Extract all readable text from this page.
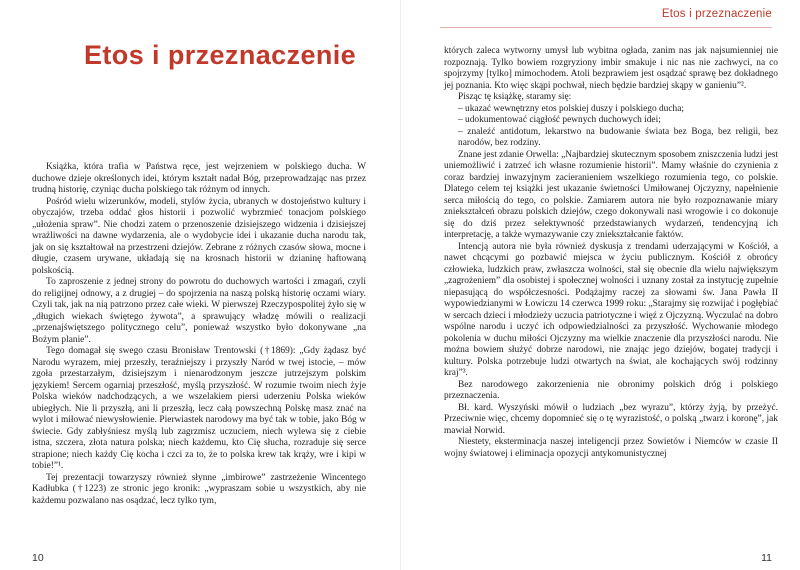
Etos i przeznaczenie

Książka, która trafia w Państwa ręce, jest wejrzeniem w polskiego ducha. W duchowe dzieje określonych idei, którym kształt nadał Bóg, przeprowadzając nas przez trudną historię, czyniąc ducha polskiego tak różnym od innych.

Pośród wielu wizerunków, modeli, stylów życia, ubranych w dostojeństwo kultury i obyczajów, trzeba oddać głos historii i pozwolić wybrzmieć tonacjom polskiego „ułożenia spraw”. Nie chodzi zatem o przenoszenie dzisiejszego widzenia i dzisiejszej wrażliwości na dawne wydarzenia, ale o wydobycie idei i ukazanie ducha narodu tak, jak on się kształtował na przestrzeni dziejów. Zebrane z różnych czasów słowa, mocne i długie, czasem urywane, układają się na krosnach historii w dzianinę haftowaną polskością.

To zaproszenie z jednej strony do powrotu do duchowych wartości i zmagań, czyli do religijnej odnowy, a z drugiej – do spojrzenia na naszą polską historię oczami wiary. Czyli tak, jak na nią patrzono przez całe wieki. W pierwszej Rzeczypospolitej żyło się w „długich wiekach świętego żywota”, a sprawujący władzę mówili o realizacji „przenajświętszego politycznego celu”, ponieważ wszystko było dokonywane „na Bożym planie”.

Tego domagał się swego czasu Bronisław Trentowski (†1869): „Gdy żądasz być Narodu wyrazem, miej przeszły, teraźniejszy i przyszły Naród w twej istocie, – mów zgoła przestarzałym, dzisiejszym i nienarodzonym jeszcze jutrzejszym polskim językiem! Sercem ogarniaj przeszłość, myślą przyszłość. W rozumie twoim niech żyje Polska wieków nadchodzących, a we wszelakiem piersi uderzeniu Polska wieków ubiegłych. Nie li przyszłą, ani li przeszłą, lecz całą powszechną Polskę masz znać na wylot i miłować niewysłowienie. Pierwiastek narodowy ma być tak w tobie, jako Bóg w świecie. Gdy zabłyśniesz myślą lub zagrzmisz uczuciem, niech wylewa się z ciebie istna, szczera, złota natura polska; niech każdemu, kto Cię słucha, rozraduje się serce strapione; niech każdy Cię kocha i czci za to, że to polska krew tak krąży, wre i kipi w tobie!”¹.

Tej prezentacji towarzyszy również słynne „imbirowe” zastrzeżenie Wincentego Kadłubka (†1223) ze stronic jego kronik: „wypraszam sobie u wszystkich, aby nie każdemu pozwalano nas osądzać, lecz tylko tym,

10
Etos i przeznaczenie

których zaleca wytworny umysł lub wybitna ogłada, zanim nas jak najsumienniej nie rozpoznają. Tylko bowiem rozgryziony imbir smakuje i nic nas nie zachwyci, na co spojrzymy [tylko] mimochodem. Atoli bezprawiem jest osądzać sprawę bez dokładnego jej poznania. Kto więc skąpi pochwał, niech będzie bardziej skąpy w ganieniu”².

Pisząc tę książkę, staramy się:

– ukazać wewnętrzny etos polskiej duszy i polskiego ducha;

– udokumentować ciągłość pewnych duchowych idei;

– znaleźć antidotum, lekarstwo na budowanie świata bez Boga, bez religii, bez narodów, bez rodziny.

Znane jest zdanie Orwella: „Najbardziej skutecznym sposobem zniszczenia ludzi jest uniemożliwić i zatrzeć ich własne rozumienie historii”. Mamy właśnie do czynienia z coraz bardziej inwazyjnym zacieranieniem wszelkiego rozumienia tego, co polskie. Dlatego celem tej książki jest ukazanie świetności Umiłowanej Ojczyzny, napełnienie serca miłością do tego, co polskie. Zamiarem autora nie było rozpoznawanie miary zniekształceń obrazu polskich dziejów, czego dokonywali nasi wrogowie i co dokonuje się do dziś przez selektywność przedstawianych wydarzeń, tendencyjną ich interpretację, a także wymazywanie czy zniekształcanie faktów.

Intencją autora nie była również dyskusja z trendami uderzającymi w Kościół, a nawet chcącymi go pozbawić miejsca w życiu publicznym. Kościół z obrońcy człowieka, ludzkich praw, zwłaszcza wolności, stał się obecnie dla wielu największym „zagrożeniem” dla osobistej i społecznej wolności i uznany został za instytucję zupełnie niepasującą do współczesności. Podążajmy raczej za słowami św. Jana Pawła II wypowiedzianymi w Łowiczu 14 czerwca 1999 roku: „Starajmy się rozwijać i pogłębiać w sercach dzieci i młodzieży uczucia patriotyczne i więź z Ojczyzną. Wyczulać na dobro wspólne narodu i uczyć ich odpowiedzialności za przyszłość. Wychowanie młodego pokolenia w duchu miłości Ojczyzny ma wielkie znaczenie dla przyszłości narodu. Nie można bowiem służyć dobrze narodowi, nie znając jego dziejów, bogatej tradycji i kultury. Polska potrzebuje ludzi otwartych na świat, ale kochających swój rodzinny kraj”³.

Bez narodowego zakorzenienia nie obronimy polskich dróg i polskiego przeznaczenia.

Bł. kard. Wyszyński mówił o ludziach „bez wyrazu”, którzy żyją, by przeżyć. Przeciwnie więc, chcemy dopomnieć się o tę wyrazistość, o polską „twarz i koronę”, jak mawiał Norwid.

Niestety, eksterminacja naszej inteligencji przez Sowietów i Niemców w czasie II wojny światowej i eliminacja opozycji antykomunistycznej

11
